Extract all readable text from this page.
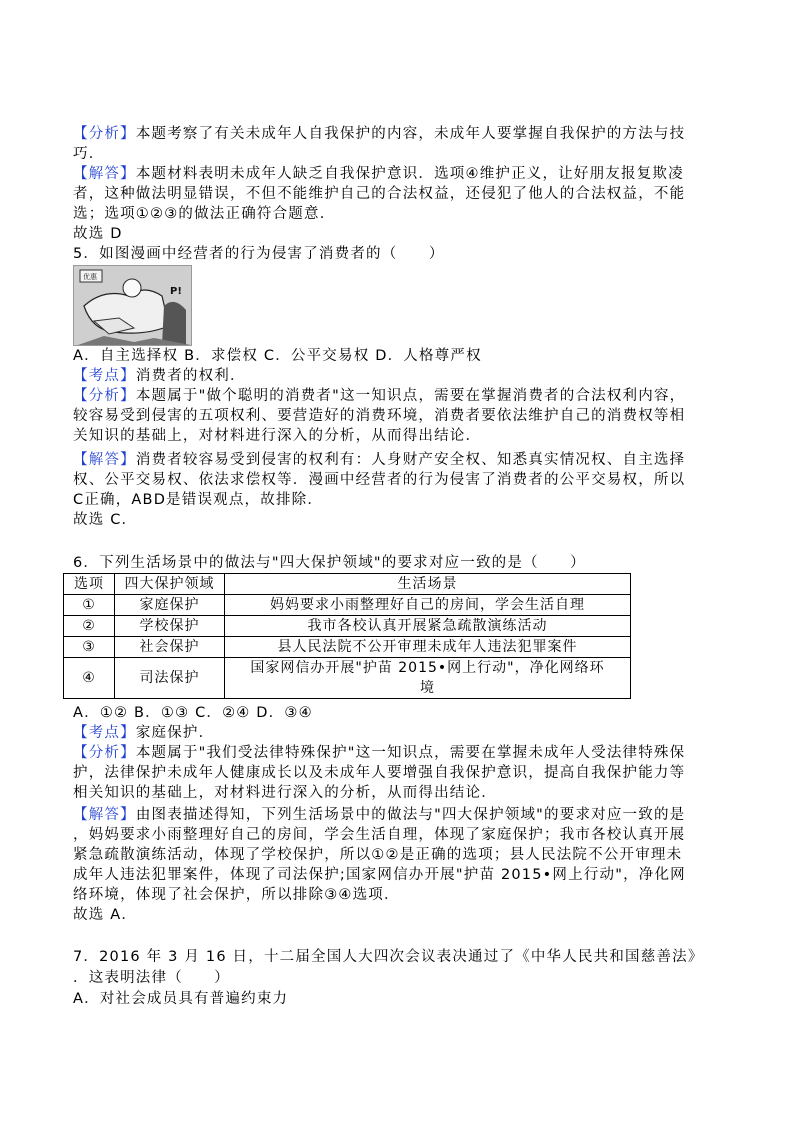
【分析】本题考察了有关未成年人自我保护的内容，未成年人要掌握自我保护的方法与技
巧．
【解答】本题材料表明未成年人缺乏自我保护意识．选项④维护正义，让好朋友报复欺凌
者，这种做法明显错误，不但不能维护自己的合法权益，还侵犯了他人的合法权益，不能
选；选项①②③的做法正确符合题意．
故选 D
5．如图漫画中经营者的行为侵害了消费者的（　　）
优惠
P!
A．自主选择权 B．求偿权 C．公平交易权 D．人格尊严权
【考点】消费者的权利．
【分析】本题属于"做个聪明的消费者"这一知识点，需要在掌握消费者的合法权利内容，
较容易受到侵害的五项权利、要营造好的消费环境，消费者要依法维护自己的消费权等相
关知识的基础上，对材料进行深入的分析，从而得出结论．
【解答】消费者较容易受到侵害的权利有：人身财产安全权、知悉真实情况权、自主选择
权、公平交易权、依法求偿权等．漫画中经营者的行为侵害了消费者的公平交易权，所以
C正确，ABD是错误观点，故排除．
故选 C．
6．下列生活场景中的做法与"四大保护领域"的要求对应一致的是（　　）
选项	四大保护领域	生活场景
①	家庭保护	妈妈要求小雨整理好自己的房间，学会生活自理
②	学校保护	我市各校认真开展紧急疏散演练活动
③	社会保护	县人民法院不公开审理未成年人违法犯罪案件
④	司法保护	国家网信办开展"护苗 2015•网上行动"，净化网络环
境
A．①② B．①③ C．②④ D．③④
【考点】家庭保护．
【分析】本题属于"我们受法律特殊保护"这一知识点，需要在掌握未成年人受法律特殊保
护，法律保护未成年人健康成长以及未成年人要增强自我保护意识，提高自我保护能力等
相关知识的基础上，对材料进行深入的分析，从而得出结论．
【解答】由图表描述得知，下列生活场景中的做法与"四大保护领域"的要求对应一致的是
，妈妈要求小雨整理好自己的房间，学会生活自理，体现了家庭保护；我市各校认真开展
紧急疏散演练活动，体现了学校保护，所以①②是正确的选项；县人民法院不公开审理未
成年人违法犯罪案件，体现了司法保护;国家网信办开展"护苗 2015•网上行动"，净化网
络环境，体现了社会保护，所以排除③④选项．
故选 A．
7．2016 年 3 月 16 日，十二届全国人大四次会议表决通过了《中华人民共和国慈善法》
．这表明法律（　　）
A．对社会成员具有普遍约束力
